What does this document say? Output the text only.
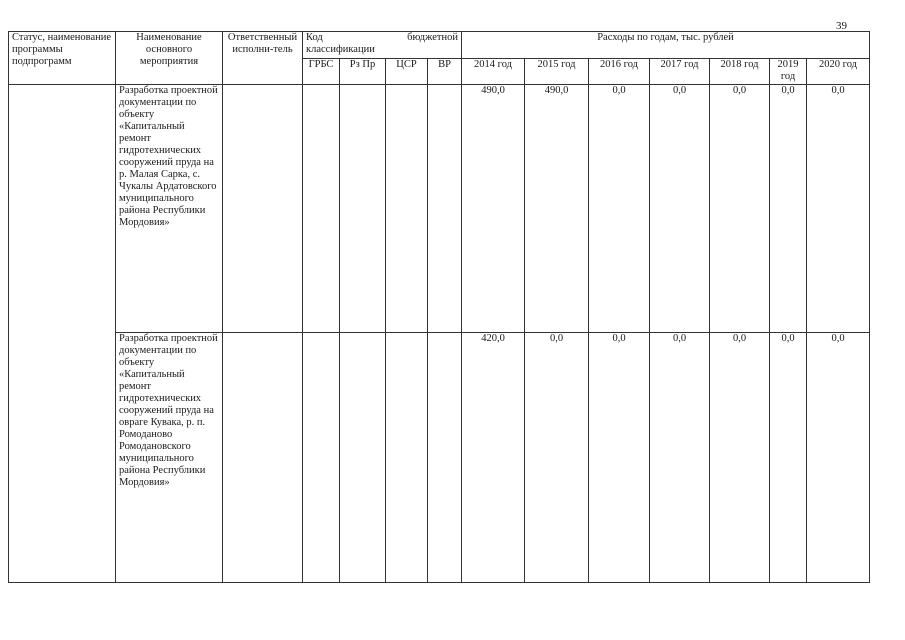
39
Статус, наименование программы подпрограмм	Наименование основного мероприятия	Ответственный исполни-тель	Код бюджетной
классификации				Расходы по годам, тыс. рублей						
			ГРБС	Рз Пр	ЦСР	ВР	2014 год	2015 год	2016 год	2017 год	2018 год	2019 год	2020 год
	Разработка проектной документации по объекту «Капитальный ремонт гидротехнических сооружений пруда на р. Малая Сарка, с. Чукалы Ардатовского муниципального района Республики Мордовия»						490,0	490,0	0,0	0,0	0,0	0,0	0,0
	Разработка проектной документации по объекту «Капитальный ремонт гидротехнических сооружений пруда на овраге Кувака, р. п. Ромоданово Ромодановского муниципального района Республики Мордовия»						420,0	0,0	0,0	0,0	0,0	0,0	0,0
